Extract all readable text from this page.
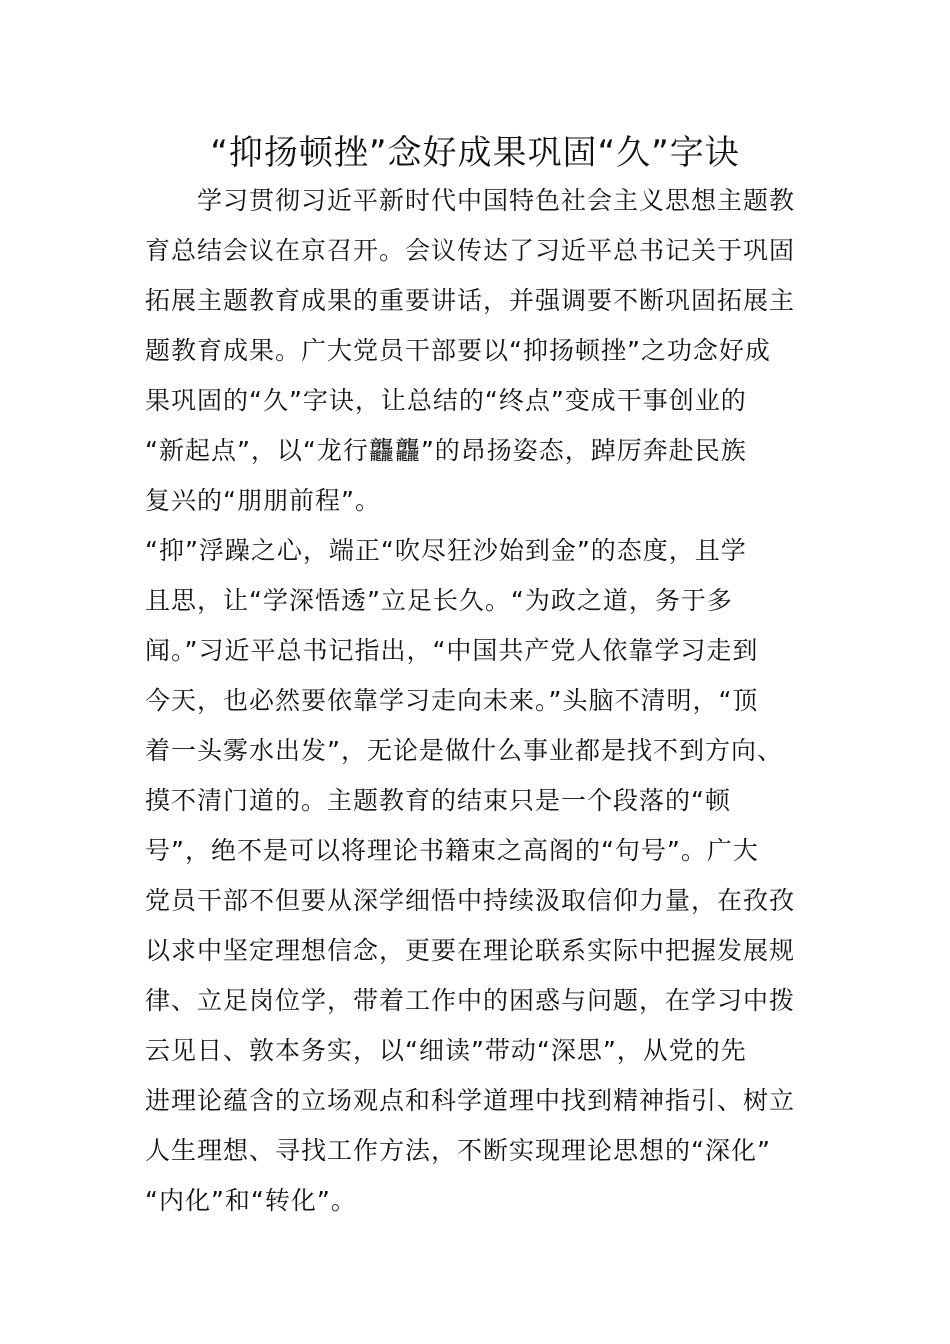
“抑扬顿挫”念好成果巩固“久”字诀
　　学习贯彻习近平新时代中国特色社会主义思想主题教
育总结会议在京召开。会议传达了习近平总书记关于巩固
拓展主题教育成果的重要讲话，并强调要不断巩固拓展主
题教育成果。广大党员干部要以“抑扬顿挫”之功念好成
果巩固的“久”字诀，让总结的“终点”变成干事创业的
“新起点”，以“龙行龘龘”的昂扬姿态，踔厉奔赴民族
复兴的“朋朋前程”。
“抑”浮躁之心，端正“吹尽狂沙始到金”的态度，且学
且思，让“学深悟透”立足长久。“为政之道，务于多
闻。”习近平总书记指出，“中国共产党人依靠学习走到
今天，也必然要依靠学习走向未来。”头脑不清明，“顶
着一头雾水出发”，无论是做什么事业都是找不到方向、
摸不清门道的。主题教育的结束只是一个段落的“顿
号”，绝不是可以将理论书籍束之高阁的“句号”。广大
党员干部不但要从深学细悟中持续汲取信仰力量，在孜孜
以求中坚定理想信念，更要在理论联系实际中把握发展规
律、立足岗位学，带着工作中的困惑与问题，在学习中拨
云见日、敦本务实，以“细读”带动“深思”，从党的先
进理论蕴含的立场观点和科学道理中找到精神指引、树立
人生理想、寻找工作方法，不断实现理论思想的“深化”
“内化”和“转化”。
